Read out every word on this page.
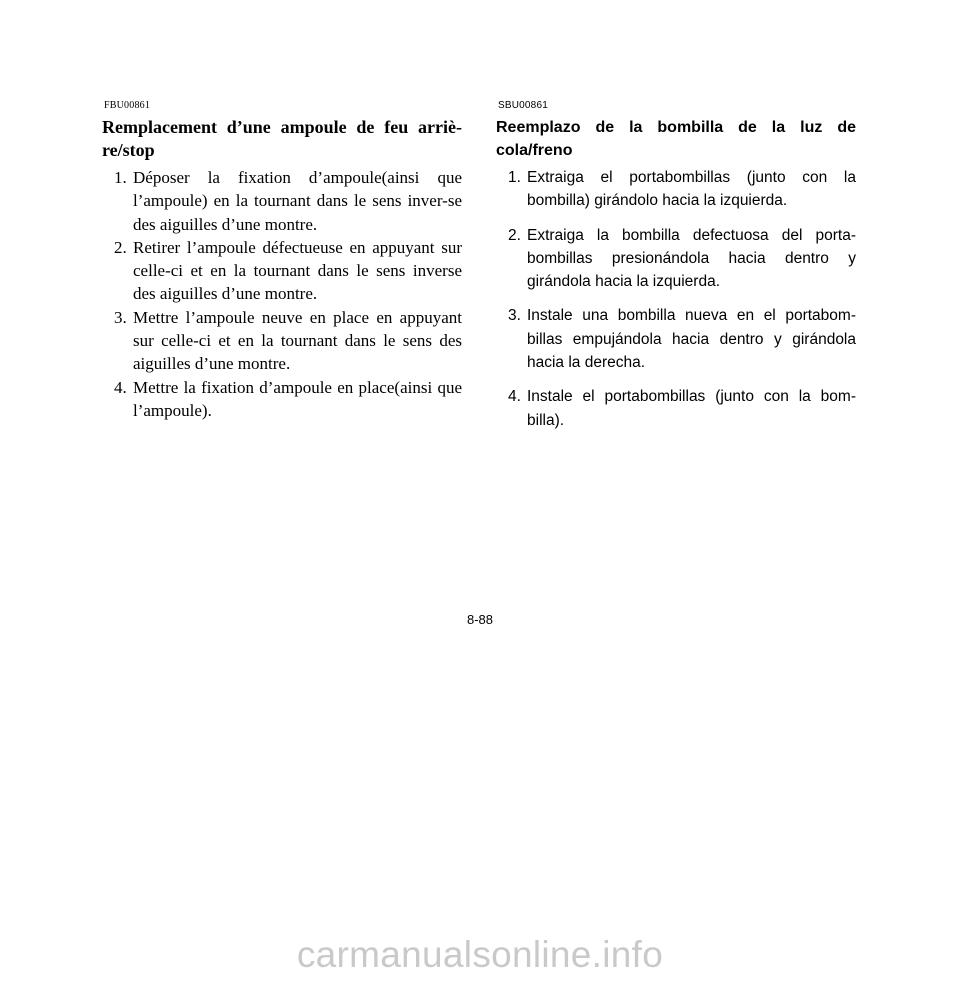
FBU00861
Remplacement d’une ampoule de feu arriè-re/stop
1. Déposer la fixation d’ampoule(ainsi que l’ampoule) en la tournant dans le sens inver-se des aiguilles d’une montre.
2. Retirer l’ampoule défectueuse en appuyant sur celle-ci et en la tournant dans le sens inverse des aiguilles d’une montre.
3. Mettre l’ampoule neuve en place en appuyant sur celle-ci et en la tournant dans le sens des aiguilles d’une montre.
4. Mettre la fixation d’ampoule en place(ainsi que l’ampoule).
SBU00861
Reemplazo de la bombilla de la luz de cola/freno
1. Extraiga el portabombillas (junto con la bombilla) girándolo hacia la izquierda.
2. Extraiga la bombilla defectuosa del porta-bombillas presionándola hacia dentro y girándola hacia la izquierda.
3. Instale una bombilla nueva en el portabom-billas empujándola hacia dentro y girándola hacia la derecha.
4. Instale el portabombillas (junto con la bom-billa).
8-88
carmanualsonline.info
